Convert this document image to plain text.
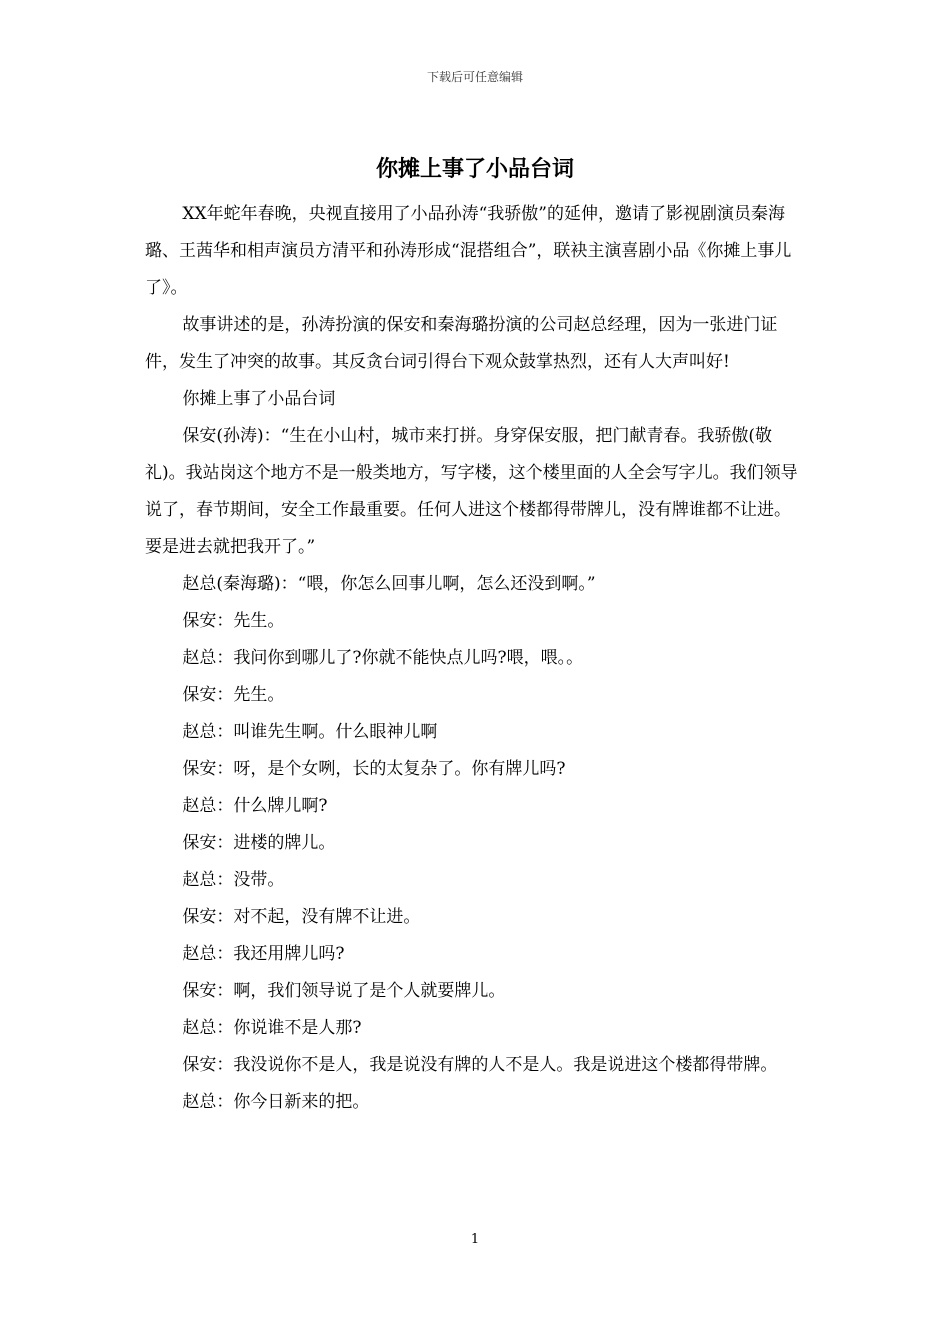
下载后可任意编辑
你摊上事了小品台词

XX年蛇年春晚，央视直接用了小品孙涛“我骄傲”的延伸，邀请了影视剧演员秦海璐、王茜华和相声演员方清平和孙涛形成“混搭组合”，联袂主演喜剧小品《你摊上事儿了》。

故事讲述的是，孙涛扮演的保安和秦海璐扮演的公司赵总经理，因为一张进门证件，发生了冲突的故事。其反贪台词引得台下观众鼓掌热烈，还有人大声叫好!

你摊上事了小品台词

保安(孙涛)：“生在小山村，城市来打拼。身穿保安服，把门献青春。我骄傲(敬礼)。我站岗这个地方不是一般类地方，写字楼，这个楼里面的人全会写字儿。我们领导说了，春节期间，安全工作最重要。任何人进这个楼都得带牌儿，没有牌谁都不让进。要是进去就把我开了。”

赵总(秦海璐)：“喂，你怎么回事儿啊，怎么还没到啊。”

保安：先生。

赵总：我问你到哪儿了?你就不能快点儿吗?喂，喂。。

保安：先生。

赵总：叫谁先生啊。什么眼神儿啊

保安：呀，是个女咧，长的太复杂了。你有牌儿吗?

赵总：什么牌儿啊?

保安：进楼的牌儿。

赵总：没带。

保安：对不起，没有牌不让进。

赵总：我还用牌儿吗?

保安：啊，我们领导说了是个人就要牌儿。

赵总：你说谁不是人那?

保安：我没说你不是人，我是说没有牌的人不是人。我是说进这个楼都得带牌。

赵总：你今日新来的把。

1
